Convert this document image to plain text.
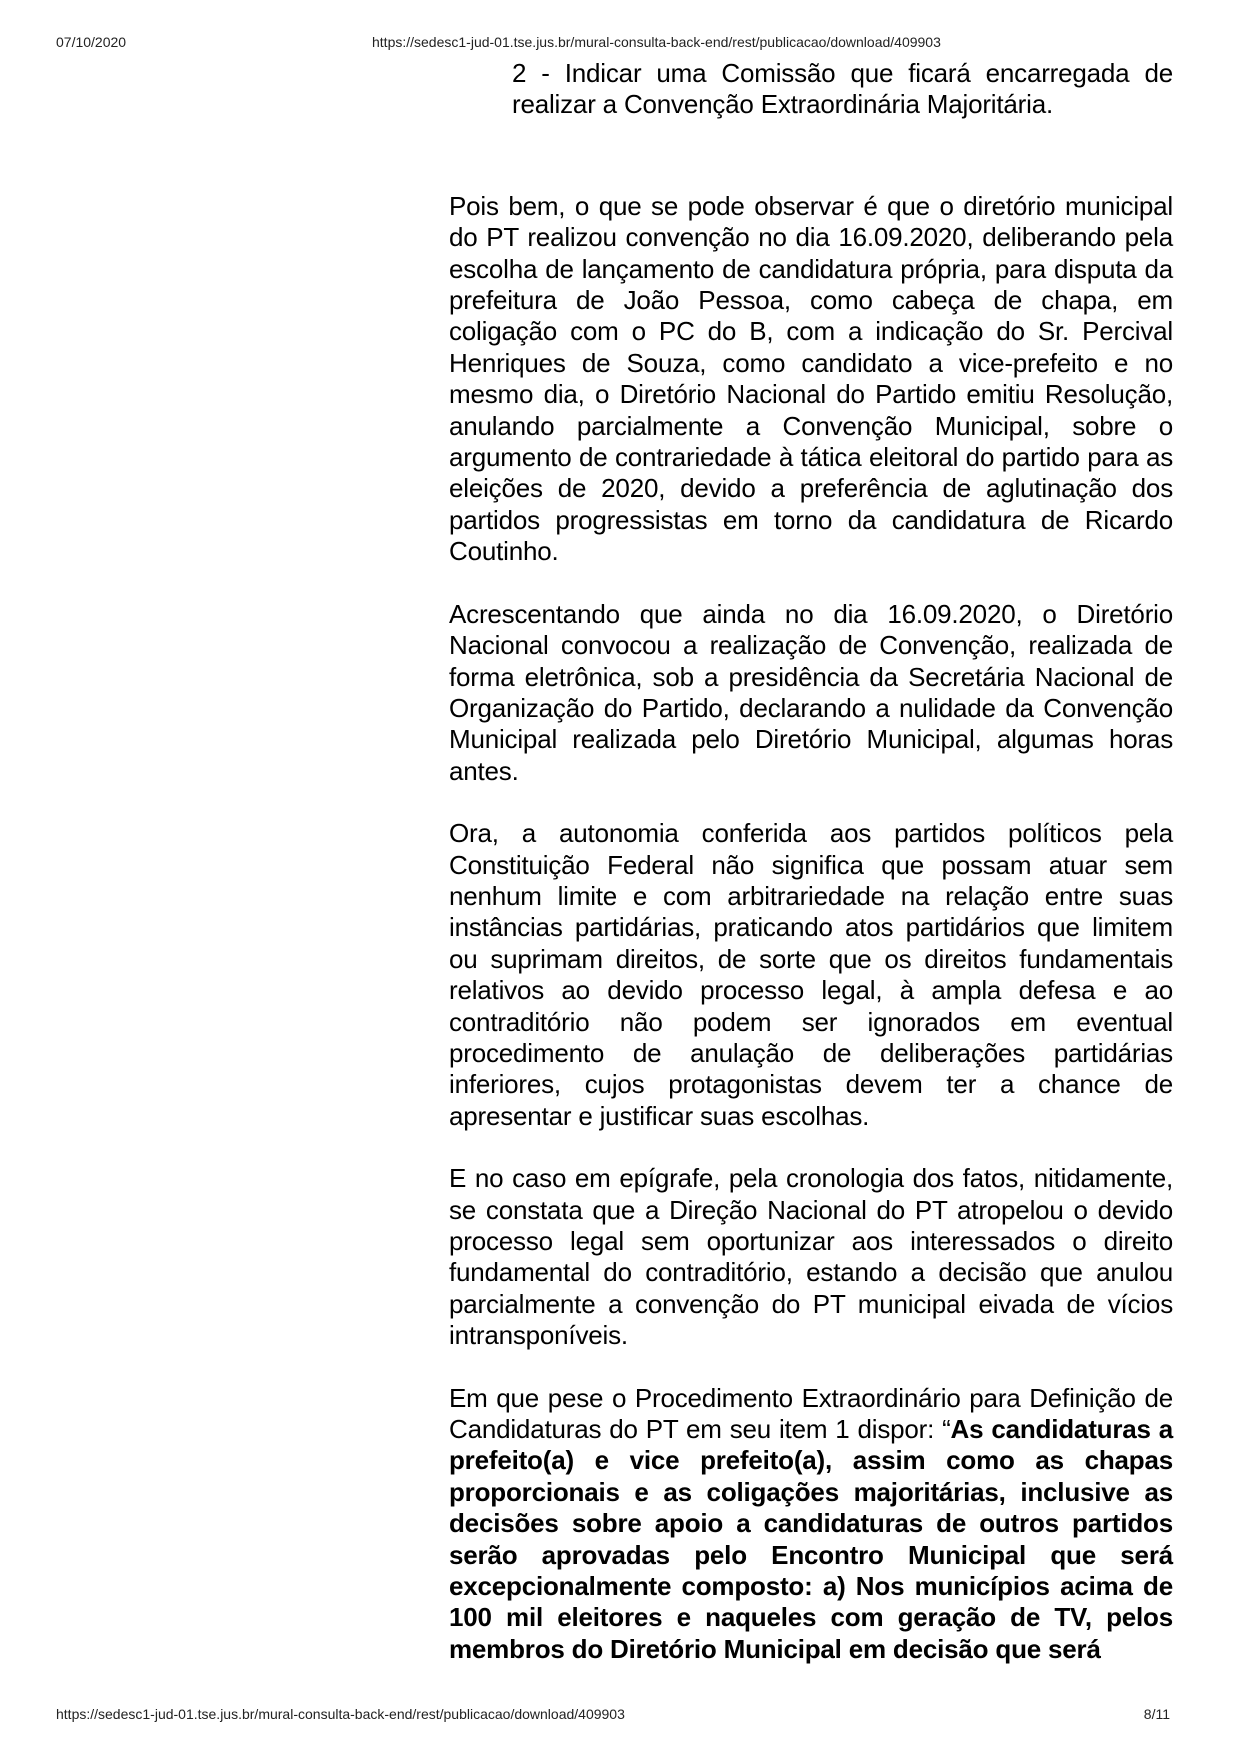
07/10/2020	https://sedesc1-jud-01.tse.jus.br/mural-consulta-back-end/rest/publicacao/download/409903
2 - Indicar uma Comissão que ficará encarregada de realizar a Convenção Extraordinária Majoritária.

Pois bem, o que se pode observar é que o diretório municipal do PT realizou convenção no dia 16.09.2020, deliberando pela escolha de lançamento de candidatura própria, para disputa da prefeitura de João Pessoa, como cabeça de chapa, em coligação com o PC do B, com a indicação do Sr. Percival Henriques de Souza, como candidato a vice-prefeito e no mesmo dia, o Diretório Nacional do Partido emitiu Resolução, anulando parcialmente a Convenção Municipal, sobre o argumento de contrariedade à tática eleitoral do partido para as eleições de 2020, devido a preferência de aglutinação dos partidos progressistas em torno da candidatura de Ricardo Coutinho.

Acrescentando que ainda no dia 16.09.2020, o Diretório Nacional convocou a realização de Convenção, realizada de forma eletrônica, sob a presidência da Secretária Nacional de Organização do Partido, declarando a nulidade da Convenção Municipal realizada pelo Diretório Municipal, algumas horas antes.

Ora, a autonomia conferida aos partidos políticos pela Constituição Federal não significa que possam atuar sem nenhum limite e com arbitrariedade na relação entre suas instâncias partidárias, praticando atos partidários que limitem ou suprimam direitos, de sorte que os direitos fundamentais relativos ao devido processo legal, à ampla defesa e ao contraditório não podem ser ignorados em eventual procedimento de anulação de deliberações partidárias inferiores, cujos protagonistas devem ter a chance de apresentar e justificar suas escolhas.

E no caso em epígrafe, pela cronologia dos fatos, nitidamente, se constata que a Direção Nacional do PT atropelou o devido processo legal sem oportunizar aos interessados o direito fundamental do contraditório, estando a decisão que anulou parcialmente a convenção do PT municipal eivada de vícios intransponíveis.

Em que pese o Procedimento Extraordinário para Definição de Candidaturas do PT em seu item 1 dispor: “As candidaturas a prefeito(a) e vice prefeito(a), assim como as chapas proporcionais e as coligações majoritárias, inclusive as decisões sobre apoio a candidaturas de outros partidos serão aprovadas pelo Encontro Municipal que será excepcionalmente composto: a) Nos municípios acima de 100 mil eleitores e naqueles com geração de TV, pelos membros do Diretório Municipal em decisão que será

https://sedesc1-jud-01.tse.jus.br/mural-consulta-back-end/rest/publicacao/download/409903	8/11
